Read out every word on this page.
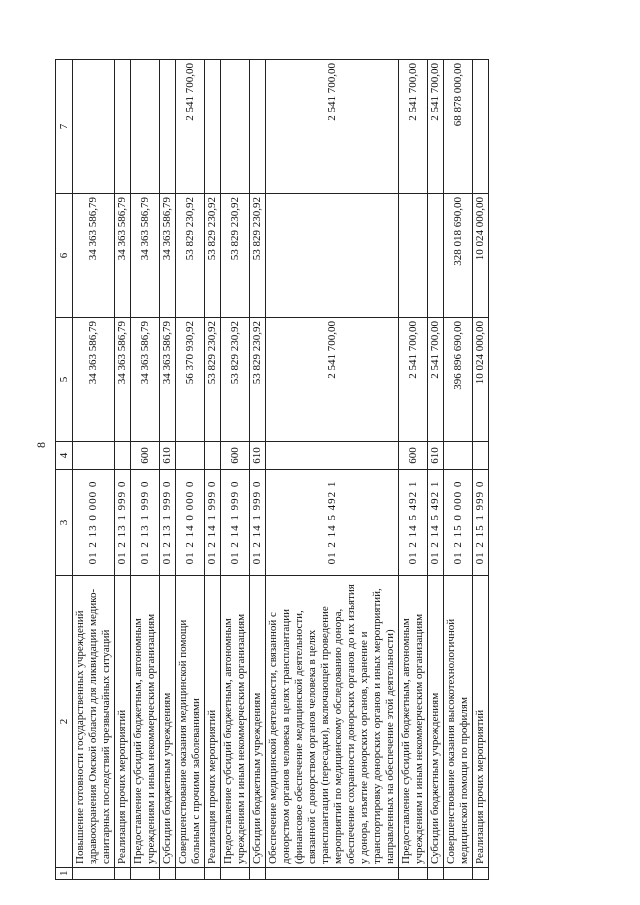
8
1	2	3	4	5	6	7
	Повышение готовности государственных учреждений здравоохранения Омской области для ликвидации медико-санитарных последствий чрезвычайных ситуаций	01 2 13 0 000 0		34 363 586,79	34 363 586,79	
	Реализация прочих мероприятий	01 2 13 1 999 0		34 363 586,79	34 363 586,79	
	Предоставление субсидий бюджетным, автономным учреждениям и иным некоммерческим организациям	01 2 13 1 999 0	600	34 363 586,79	34 363 586,79	
	Субсидии бюджетным учреждениям	01 2 13 1 999 0	610	34 363 586,79	34 363 586,79	
	Совершенствование оказания медицинской помощи больным с прочими заболеваниями	01 2 14 0 000 0		56 370 930,92	53 829 230,92	2 541 700,00
	Реализация прочих мероприятий	01 2 14 1 999 0		53 829 230,92	53 829 230,92	
	Предоставление субсидий бюджетным, автономным учреждениям и иным некоммерческим организациям	01 2 14 1 999 0	600	53 829 230,92	53 829 230,92	
	Субсидии бюджетным учреждениям	01 2 14 1 999 0	610	53 829 230,92	53 829 230,92	
	Обеспечение медицинской деятельности, связанной с донорством органов человека в целях трансплантации (финансовое обеспечение медицинской деятельности, связанной с донорством органов человека в целях трансплантации (пересадки), включающей проведение мероприятий по медицинскому обследованию донора, обеспечение сохранности донорских органов до их изъятия у донора, изъятие донорских органов, хранение и транспортировку донорских органов и иных мероприятий, направленных на обеспечение этой деятельности)	01 2 14 5 492 1		2 541 700,00		2 541 700,00
	Предоставление субсидий бюджетным, автономным учреждениям и иным некоммерческим организациям	01 2 14 5 492 1	600	2 541 700,00		2 541 700,00
	Субсидии бюджетным учреждениям	01 2 14 5 492 1	610	2 541 700,00		2 541 700,00
	Совершенствование оказания высокотехнологичной медицинской помощи по профилям	01 2 15 0 000 0		396 896 690,00	328 018 690,00	68 878 000,00
	Реализация прочих мероприятий	01 2 15 1 999 0		10 024 000,00	10 024 000,00	
